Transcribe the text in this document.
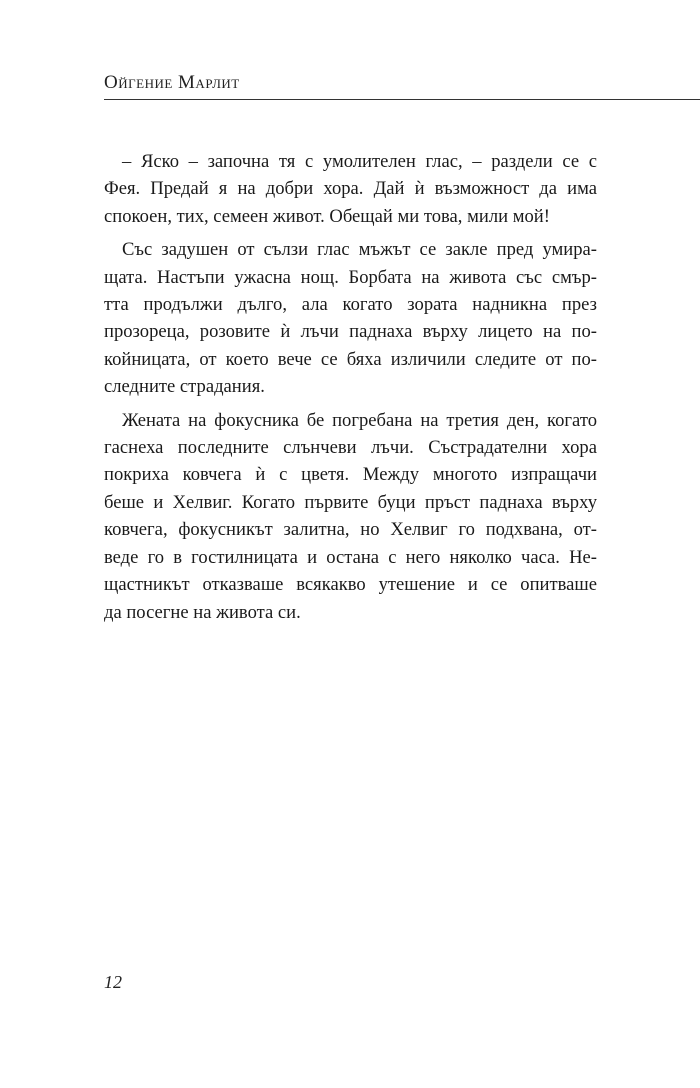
Ойгение Марлит
– Яско – започна тя с умолителен глас, – раздели се с
Фея. Предай я на добри хора. Дай ѝ възможност да има
спокоен, тих, семеен живот. Обещай ми това, мили мой!
Със задушен от сълзи глас мъжът се закле пред умира-
щата. Настъпи ужасна нощ. Борбата на живота със смър-
тта продължи дълго, ала когато зората надникна през
прозореца, розовите ѝ лъчи паднаха върху лицето на по-
койницата, от което вече се бяха изличили следите от по-
следните страдания.
Жената на фокусника бе погребана на третия ден, когато
гаснеха последните слънчеви лъчи. Състрадателни хора
покриха ковчега ѝ с цветя. Между многото изпращачи
беше и Хелвиг. Когато първите буци пръст паднаха върху
ковчега, фокусникът залитна, но Хелвиг го подхвана, от-
веде го в гостилницата и остана с него няколко часа. Не-
щастникът отказваше всякакво утешение и се опитваше
да посегне на живота си.
12
